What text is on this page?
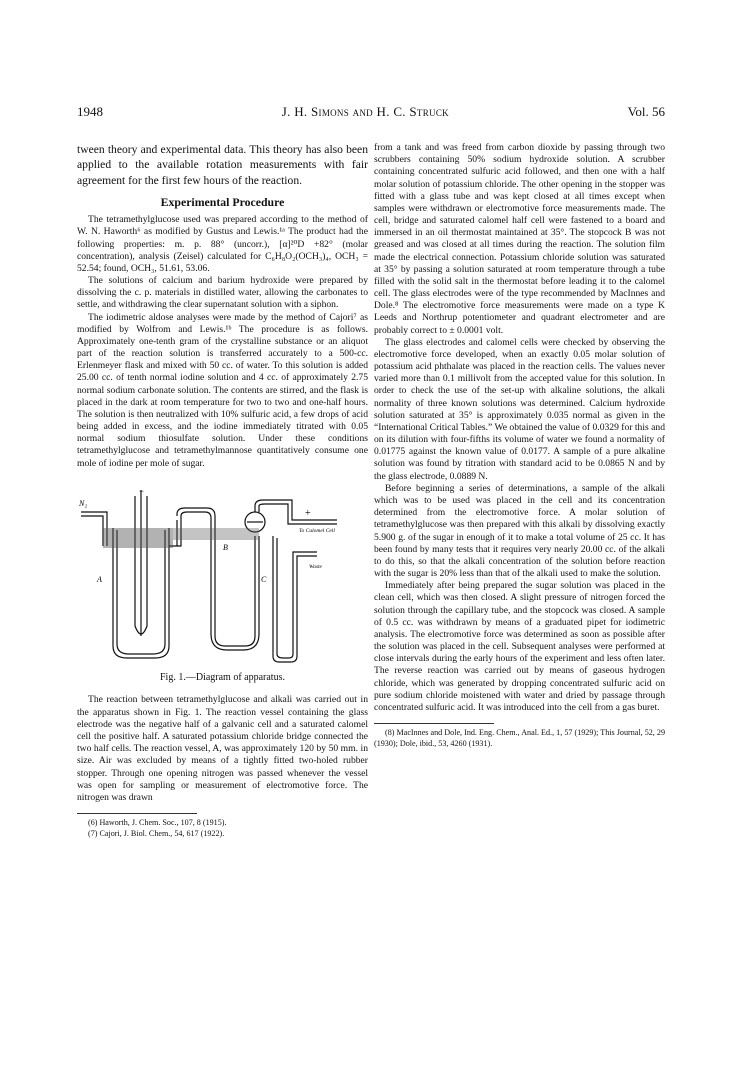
1948	J. H. Simons and H. C. Struck	Vol. 56

tween theory and experimental data. This theory has also been applied to the available rotation measurements with fair agreement for the first few hours of the reaction.

Experimental Procedure

The tetramethylglucose used was prepared according to the method of W. N. Haworth⁶ as modified by Gustus and Lewis.¹ᵃ The product had the following properties: m. p. 88° (uncorr.), [α]²⁰D +82° (molar concentration), analysis (Zeisel) calculated for C₆H₈O₂(OCH₃)₄, OCH₃ = 52.54; found, OCH₃, 51.61, 53.06.

The solutions of calcium and barium hydroxide were prepared by dissolving the c. p. materials in distilled water, allowing the carbonates to settle, and withdrawing the clear supernatant solution with a siphon.

The iodimetric aldose analyses were made by the method of Cajori⁷ as modified by Wolfrom and Lewis.¹ᵇ The procedure is as follows. Approximately one-tenth gram of the crystalline substance or an aliquot part of the reaction solution is transferred accurately to a 500-cc. Erlenmeyer flask and mixed with 50 cc. of water. To this solution is added 25.00 cc. of tenth normal iodine solution and 4 cc. of approximately 2.75 normal sodium carbonate solution. The contents are stirred, and the flask is placed in the dark at room temperature for two to two and one-half hours. The solution is then neutralized with 10% sulfuric acid, a few drops of acid being added in excess, and the iodine immediately titrated with 0.05 normal sodium thiosulfate solution. Under these conditions tetramethylglucose and tetramethylmannose quantitatively consume one mole of iodine per mole of sugar.

N₂
+
−
To Calomel Cell
Waste
A
B
C
Fig. 1.—Diagram of apparatus.

The reaction between tetramethylglucose and alkali was carried out in the apparatus shown in Fig. 1. The reaction vessel containing the glass electrode was the negative half of a galvanic cell and a saturated calomel cell the positive half. A saturated potassium chloride bridge connected the two half cells. The reaction vessel, A, was approximately 120 by 50 mm. in size. Air was excluded by means of a tightly fitted two-holed rubber stopper. Through one opening nitrogen was passed whenever the vessel was open for sampling or measurement of electromotive force. The nitrogen was drawn

(6) Haworth, J. Chem. Soc., 107, 8 (1915).
(7) Cajori, J. Biol. Chem., 54, 617 (1922).

from a tank and was freed from carbon dioxide by passing through two scrubbers containing 50% sodium hydroxide solution. A scrubber containing concentrated sulfuric acid followed, and then one with a half molar solution of potassium chloride. The other opening in the stopper was fitted with a glass tube and was kept closed at all times except when samples were withdrawn or electromotive force measurements made. The cell, bridge and saturated calomel half cell were fastened to a board and immersed in an oil thermostat maintained at 35°. The stopcock B was not greased and was closed at all times during the reaction. The solution film made the electrical connection. Potassium chloride solution was saturated at 35° by passing a solution saturated at room temperature through a tube filled with the solid salt in the thermostat before leading it to the calomel cell. The glass electrodes were of the type recommended by MacInnes and Dole.⁸ The electromotive force measurements were made on a type K Leeds and Northrup potentiometer and quadrant electrometer and are probably correct to ± 0.0001 volt.

The glass electrodes and calomel cells were checked by observing the electromotive force developed, when an exactly 0.05 molar solution of potassium acid phthalate was placed in the reaction cells. The values never varied more than 0.1 millivolt from the accepted value for this solution. In order to check the use of the set-up with alkaline solutions, the alkali normality of three known solutions was determined. Calcium hydroxide solution saturated at 35° is approximately 0.035 normal as given in the “International Critical Tables.” We obtained the value of 0.0329 for this and on its dilution with four-fifths its volume of water we found a normality of 0.01775 against the known value of 0.0177. A sample of a pure alkaline solution was found by titration with standard acid to be 0.0865 N and by the glass electrode, 0.0889 N.

Before beginning a series of determinations, a sample of the alkali which was to be used was placed in the cell and its concentration determined from the electromotive force. A molar solution of tetramethylglucose was then prepared with this alkali by dissolving exactly 5.900 g. of the sugar in enough of it to make a total volume of 25 cc. It has been found by many tests that it requires very nearly 20.00 cc. of the alkali to do this, so that the alkali concentration of the solution before reaction with the sugar is 20% less than that of the alkali used to make the solution.

Immediately after being prepared the sugar solution was placed in the clean cell, which was then closed. A slight pressure of nitrogen forced the solution through the capillary tube, and the stopcock was closed. A sample of 0.5 cc. was withdrawn by means of a graduated pipet for iodimetric analysis. The electromotive force was determined as soon as possible after the solution was placed in the cell. Subsequent analyses were performed at close intervals during the early hours of the experiment and less often later. The reverse reaction was carried out by means of gaseous hydrogen chloride, which was generated by dropping concentrated sulfuric acid on pure sodium chloride moistened with water and dried by passage through concentrated sulfuric acid. It was introduced into the cell from a gas buret.

(8) MacInnes and Dole, Ind. Eng. Chem., Anal. Ed., 1, 57 (1929); This Journal, 52, 29 (1930); Dole, ibid., 53, 4260 (1931).
